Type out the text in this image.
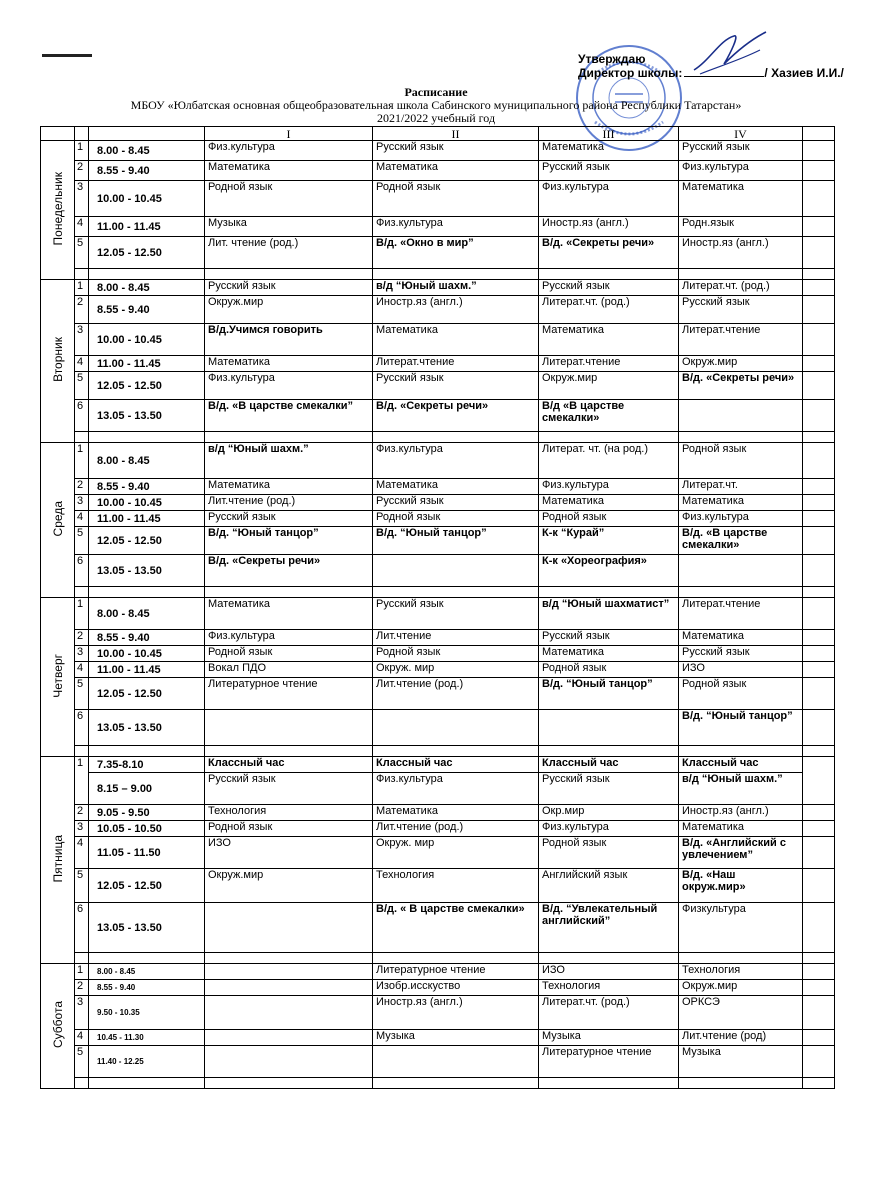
Утверждаю
Директор школы:	/ Хазиев И.И./
Расписание
МБОУ «Юлбатская основная общеобразовательная школа Сабинского муниципального района Республики Татарстан»
2021/2022 учебный год
			I	II	III	IV	
Понедельник	1	8.00 - 8.45	Физ.культура	Русский язык	Математика	Русский язык	
	2	8.55 - 9.40	Математика	Математика	Русский язык	Физ.культура	
	3	10.00 - 10.45	Родной язык	Родной язык	Физ.культура	Математика	
	4	11.00 - 11.45	Музыка	Физ.культура	Иностр.яз (англ.)	Родн.язык	
	5	12.05 - 12.50	Лит. чтение (род.)	В/д. «Окно в мир”	В/д. «Секреты речи»	Иностр.яз (англ.)	

Вторник	1	8.00 - 8.45	Русский язык	в/д “Юный шахм.”	Русский язык	Литерат.чт. (род.)	
	2	8.55 - 9.40	Окруж.мир	Иностр.яз (англ.)	Литерат.чт. (род.)	Русский язык	
	3	10.00 - 10.45	В/д.Учимся говорить	Математика	Математика	Литерат.чтение	
	4	11.00 - 11.45	Математика	Литерат.чтение	Литерат.чтение	Окруж.мир	
	5	12.05 - 12.50	Физ.культура	Русский язык	Окруж.мир	В/д. «Секреты речи»	
	6	13.05 - 13.50	В/д. «В царстве смекалки”	В/д. «Секреты речи»	В/д «В царстве смекалки»		

Среда	1	8.00 - 8.45	в/д “Юный шахм.”	Физ.культура	Литерат. чт. (на род.)	Родной язык	
	2	8.55 - 9.40	Математика	Математика	Физ.культура	Литерат.чт.	
	3	10.00 - 10.45	Лит.чтение (род.)	Русский язык	Математика	Математика	
	4	11.00 - 11.45	Русский язык	Родной язык	Родной язык	Физ.культура	
	5	12.05 - 12.50	В/д. “Юный танцор”	В/д. “Юный танцор”	К-к “Курай”	В/д. «В царстве смекалки»	
	6	13.05 - 13.50	В/д. «Секреты речи»		К-к «Хореография»		

Четверг	1	8.00 - 8.45	Математика	Русский язык	в/д “Юный шахматист”	Литерат.чтение	
	2	8.55 - 9.40	Физ.культура	Лит.чтение	Русский язык	Математика	
	3	10.00 - 10.45	Родной язык	Родной язык	Математика	Русский язык	
	4	11.00 - 11.45	Вокал ПДО	Окруж. мир	Родной язык	ИЗО	
	5	12.05 - 12.50	Литературное чтение	Лит.чтение (род.)	В/д. “Юный танцор”	Родной язык	
	6	13.05 - 13.50				В/д. “Юный танцор”	

Пятница	1	7.35-8.10	Классный час	Классный час	Классный час	Классный час	
		8.15 – 9.00	Русский язык	Физ.культура	Русский язык	в/д “Юный шахм.”	
	2	9.05 - 9.50	Технология	Математика	Окр.мир	Иностр.яз (англ.)	
	3	10.05 - 10.50	Родной язык	Лит.чтение (род.)	Физ.культура	Математика	
	4	11.05 - 11.50	ИЗО	Окруж. мир	Родной язык	В/д. «Английский с увлечением”	
	5	12.05 - 12.50	Окруж.мир	Технология	Английский язык	В/д. «Наш окруж.мир»	
	6	13.05 - 13.50		В/д. « В царстве смекалки»	В/д. “Увлекательный английский”	Физкультура	

Суббота	1	8.00 - 8.45		Литературное чтение	ИЗО	Технология	
	2	8.55 - 9.40		Изобр.исскуство	Технология	Окруж.мир	
	3	9.50 - 10.35		Иностр.яз (англ.)	Литерат.чт. (род.)	ОРКСЭ	
	4	10.45 - 11.30		Музыка	Музыка	Лит.чтение (род)	
	5	11.40 - 12.25			Литературное чтение	Музыка	
